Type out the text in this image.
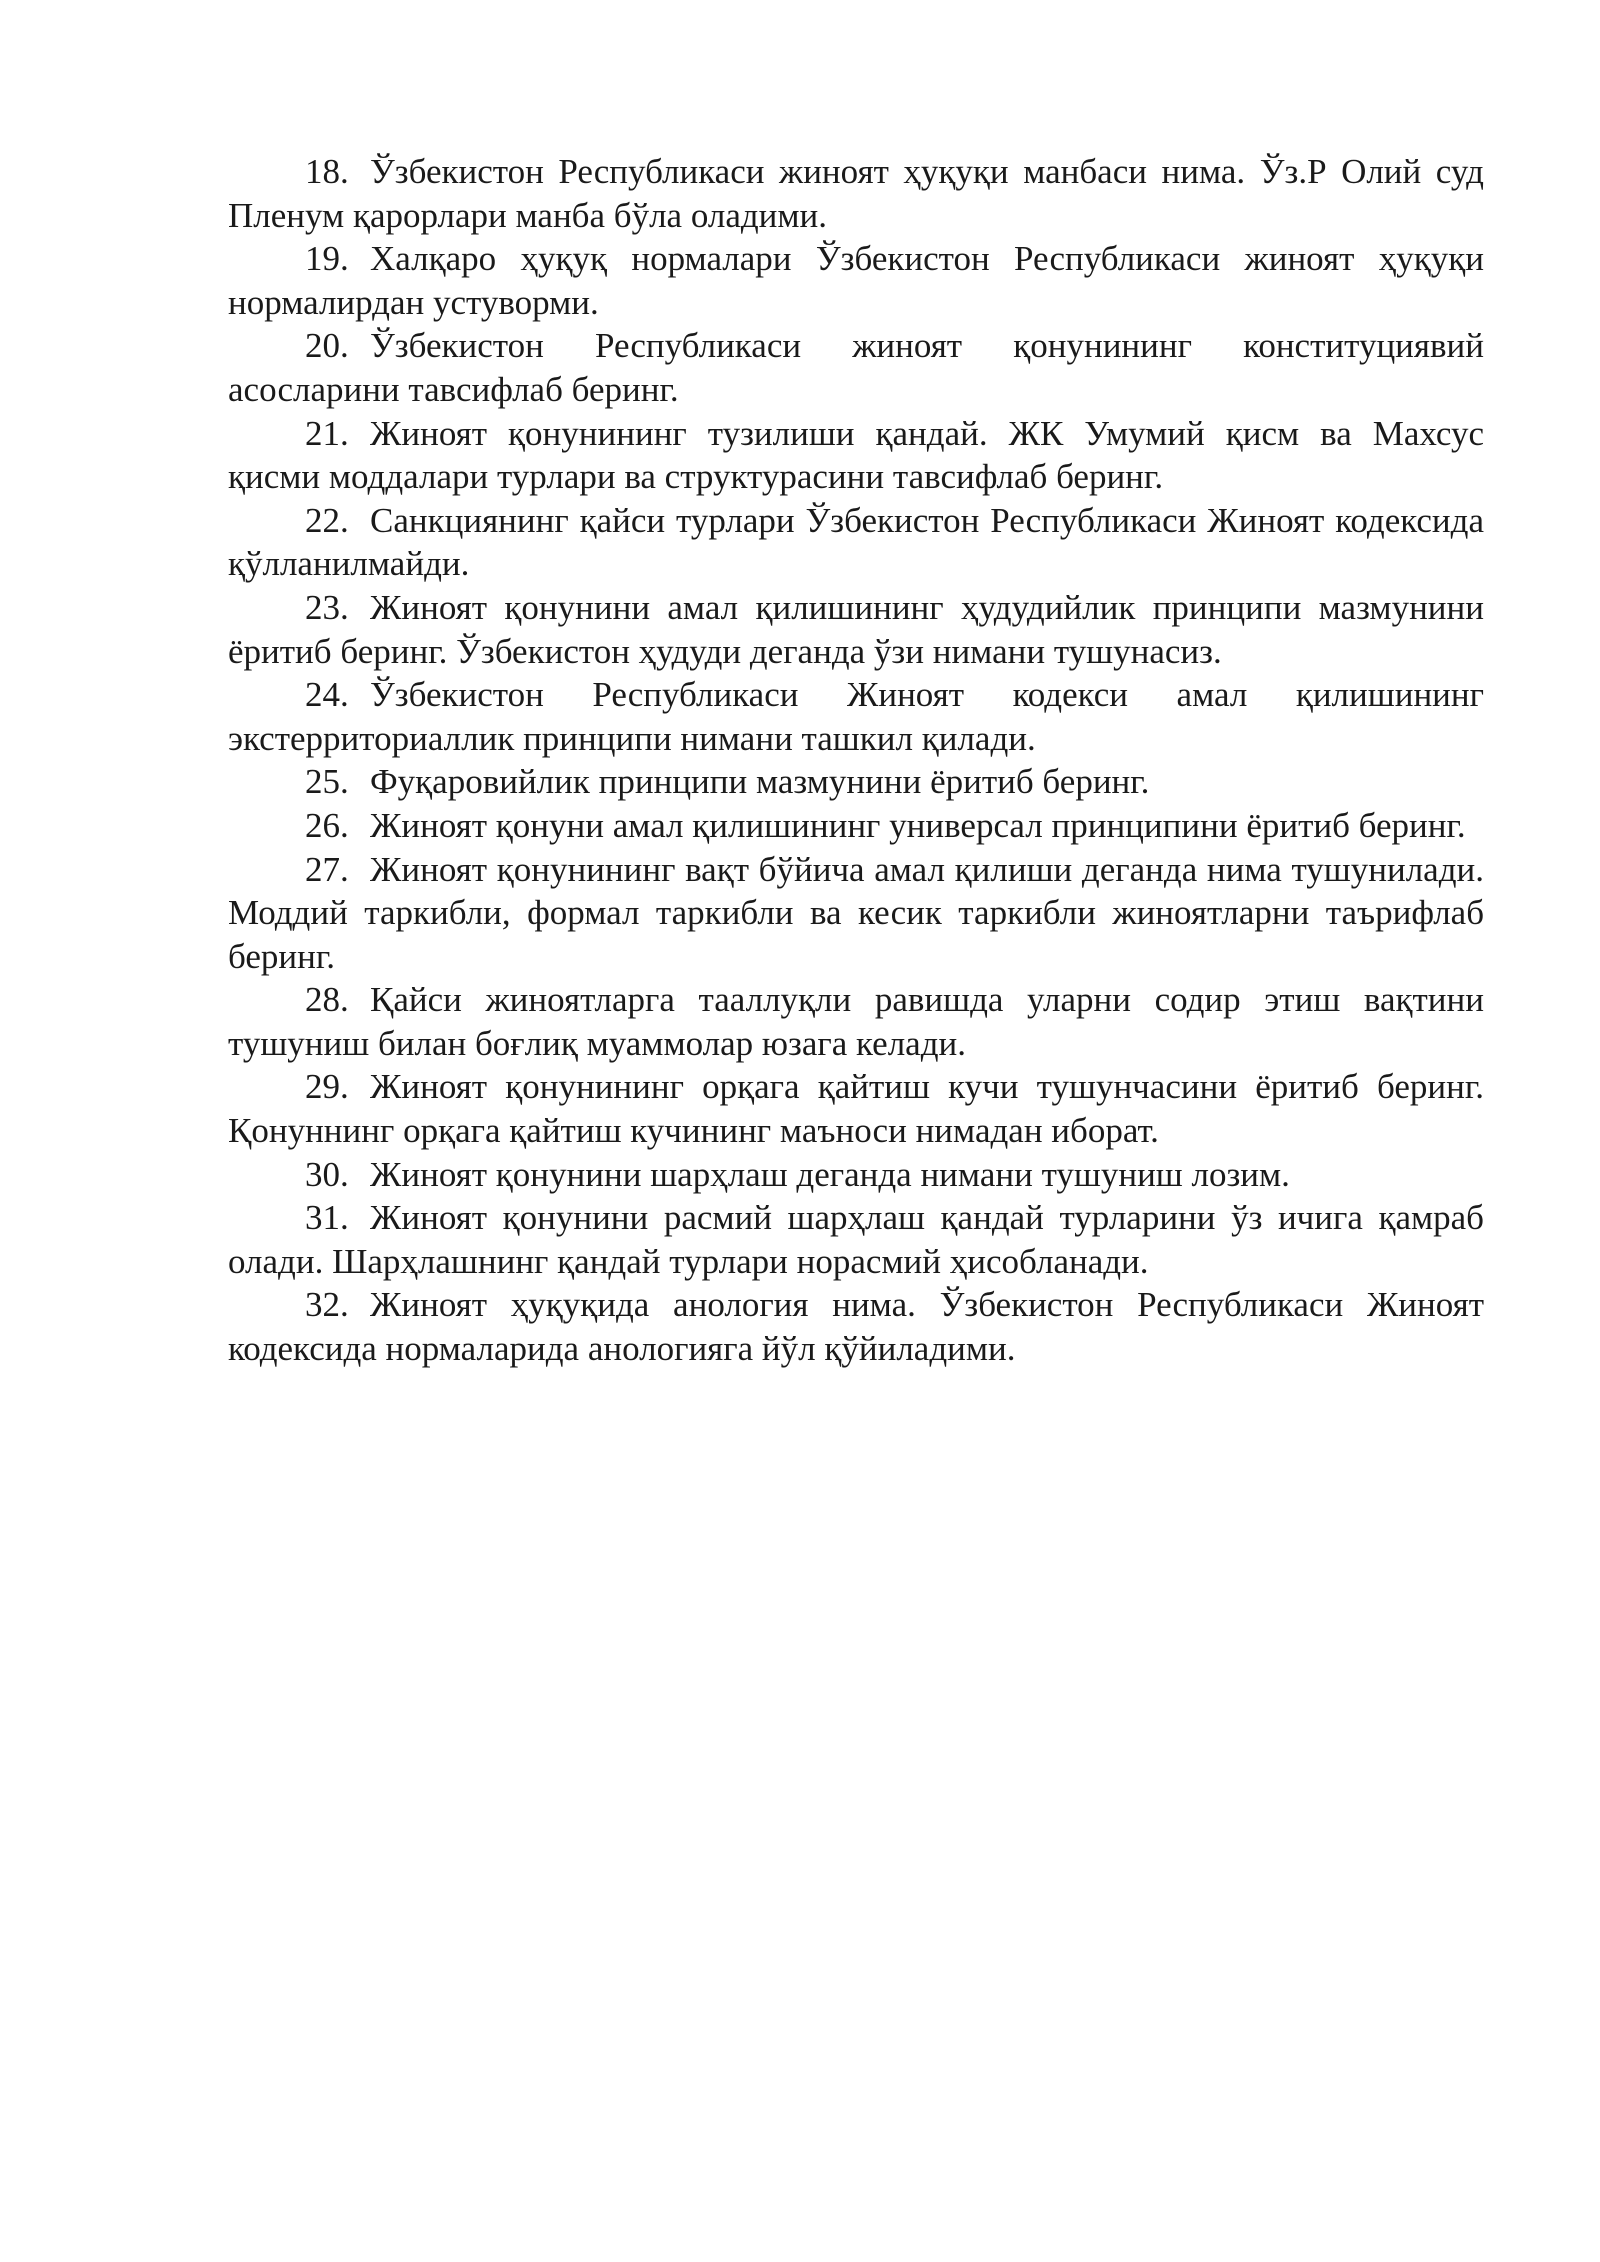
18. Ўзбекистон Республикаси жиноят ҳуқуқи манбаси нима. Ўз.Р Олий суд Пленум қарорлари манба бўла оладими.

19. Халқаро ҳуқуқ нормалари Ўзбекистон Республикаси жиноят ҳуқуқи нормалирдан устуворми.

20. Ўзбекистон Республикаси жиноят қонунининг конституциявий асосларини тавсифлаб беринг.

21. Жиноят қонунининг тузилиши қандай. ЖК Умумий қисм ва Махсус қисми моддалари турлари ва структурасини тавсифлаб беринг.

22. Санкциянинг қайси турлари Ўзбекистон Республикаси Жиноят кодексида қўлланилмайди.

23. Жиноят қонунини амал қилишининг ҳудудийлик принципи мазмунини ёритиб беринг. Ўзбекистон ҳудуди деганда ўзи нимани тушунасиз.

24. Ўзбекистон Республикаси Жиноят кодекси амал қилишининг экстерриториаллик принципи нимани ташкил қилади.

25. Фуқаровийлик принципи мазмунини ёритиб беринг.

26. Жиноят қонуни амал қилишининг универсал принципини ёритиб беринг.

27. Жиноят қонунининг вақт бўйича амал қилиши деганда нима тушунилади. Моддий таркибли, формал таркибли ва кесик таркибли жиноятларни таърифлаб беринг.

28. Қайси жиноятларга тааллуқли равишда уларни содир этиш вақтини тушуниш билан боғлиқ муаммолар юзага келади.

29. Жиноят қонунининг орқага қайтиш кучи тушунчасини ёритиб беринг. Қонуннинг орқага қайтиш кучининг маъноси нимадан иборат.

30. Жиноят қонунини шарҳлаш деганда нимани тушуниш лозим.

31. Жиноят қонунини расмий шарҳлаш қандай турларини ўз ичига қамраб олади. Шарҳлашнинг қандай турлари норасмий ҳисобланади.

32. Жиноят ҳуқуқида анология нима. Ўзбекистон Республикаси Жиноят кодексида нормаларида анологияга йўл қўйиладими.
